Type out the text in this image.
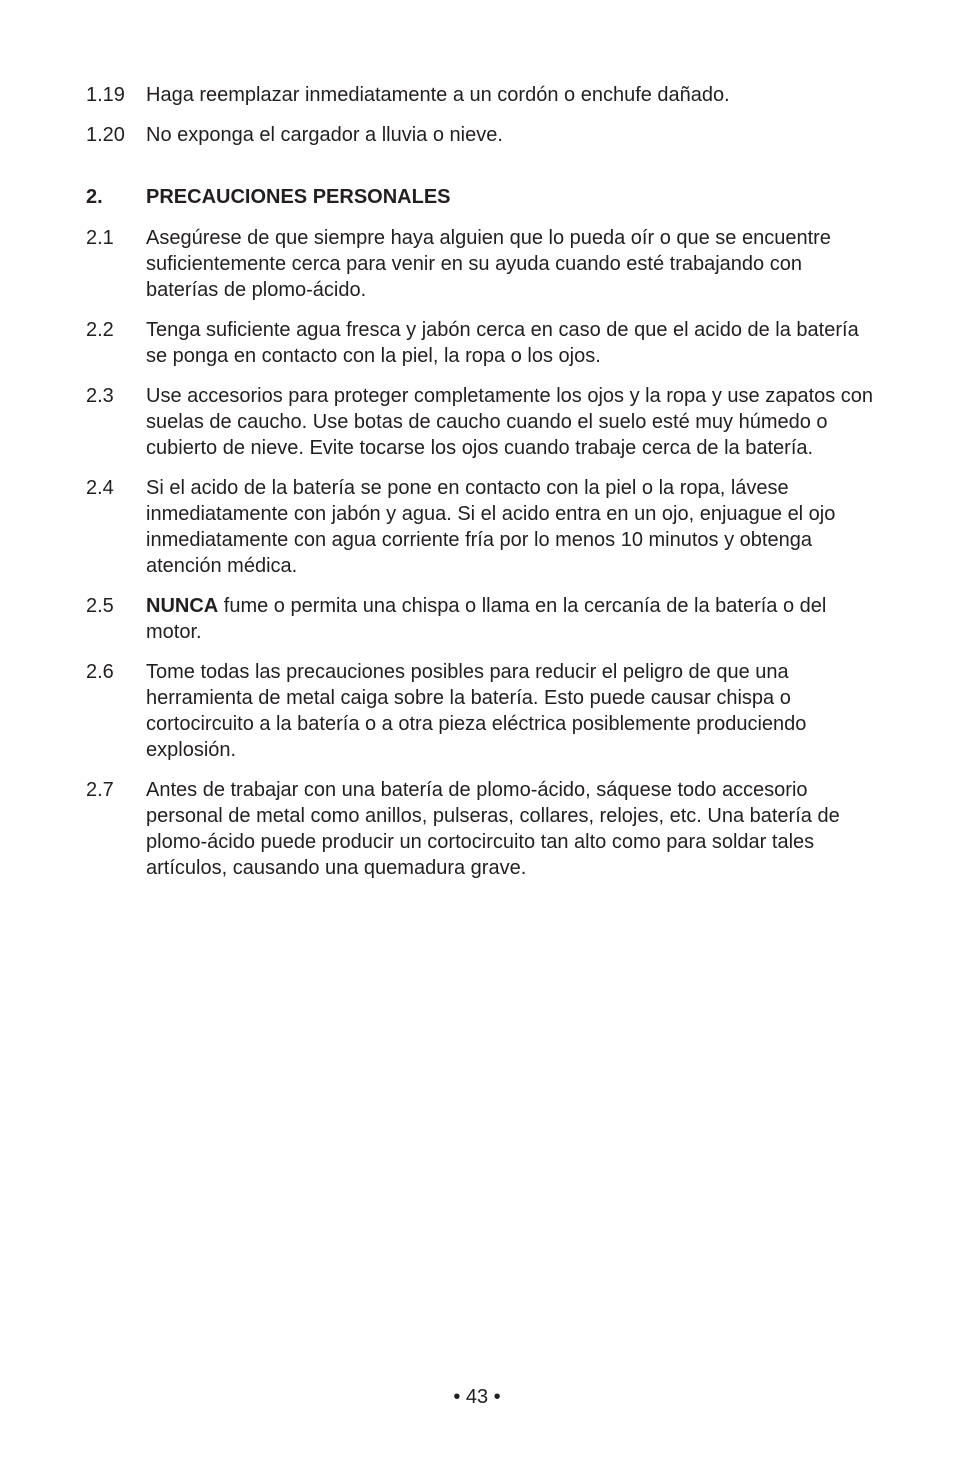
1.19	Haga reemplazar inmediatamente a un cordón o enchufe dañado.
1.20	No exponga el cargador a lluvia o nieve.
2.	PRECAUCIONES PERSONALES
2.1	Asegúrese de que siempre haya alguien que lo pueda oír o que se encuentre suficientemente cerca para venir en su ayuda cuando esté trabajando con baterías de plomo-ácido.
2.2	Tenga suficiente agua fresca y jabón cerca en caso de que el acido de la batería se ponga en contacto con la piel, la ropa o los ojos.
2.3	Use accesorios para proteger completamente los ojos y la ropa y use zapatos con suelas de caucho. Use botas de caucho cuando el suelo esté muy húmedo o cubierto de nieve. Evite tocarse los ojos cuando trabaje cerca de la batería.
2.4	Si el acido de la batería se pone en contacto con la piel o la ropa, lávese inmediatamente con jabón y agua. Si el acido entra en un ojo, enjuague el ojo inmediatamente con agua corriente fría por lo menos 10 minutos y obtenga atención médica.
2.5	NUNCA fume o permita una chispa o llama en la cercanía de la batería o del motor.
2.6	Tome todas las precauciones posibles para reducir el peligro de que una herramienta de metal caiga sobre la batería. Esto puede causar chispa o cortocircuito a la batería o a otra pieza eléctrica posiblemente produciendo explosión.
2.7	Antes de trabajar con una batería de plomo-ácido, sáquese todo accesorio personal de metal como anillos, pulseras, collares, relojes, etc. Una batería de plomo-ácido puede producir un cortocircuito tan alto como para soldar tales artículos, causando una quemadura grave.
• 43 •
